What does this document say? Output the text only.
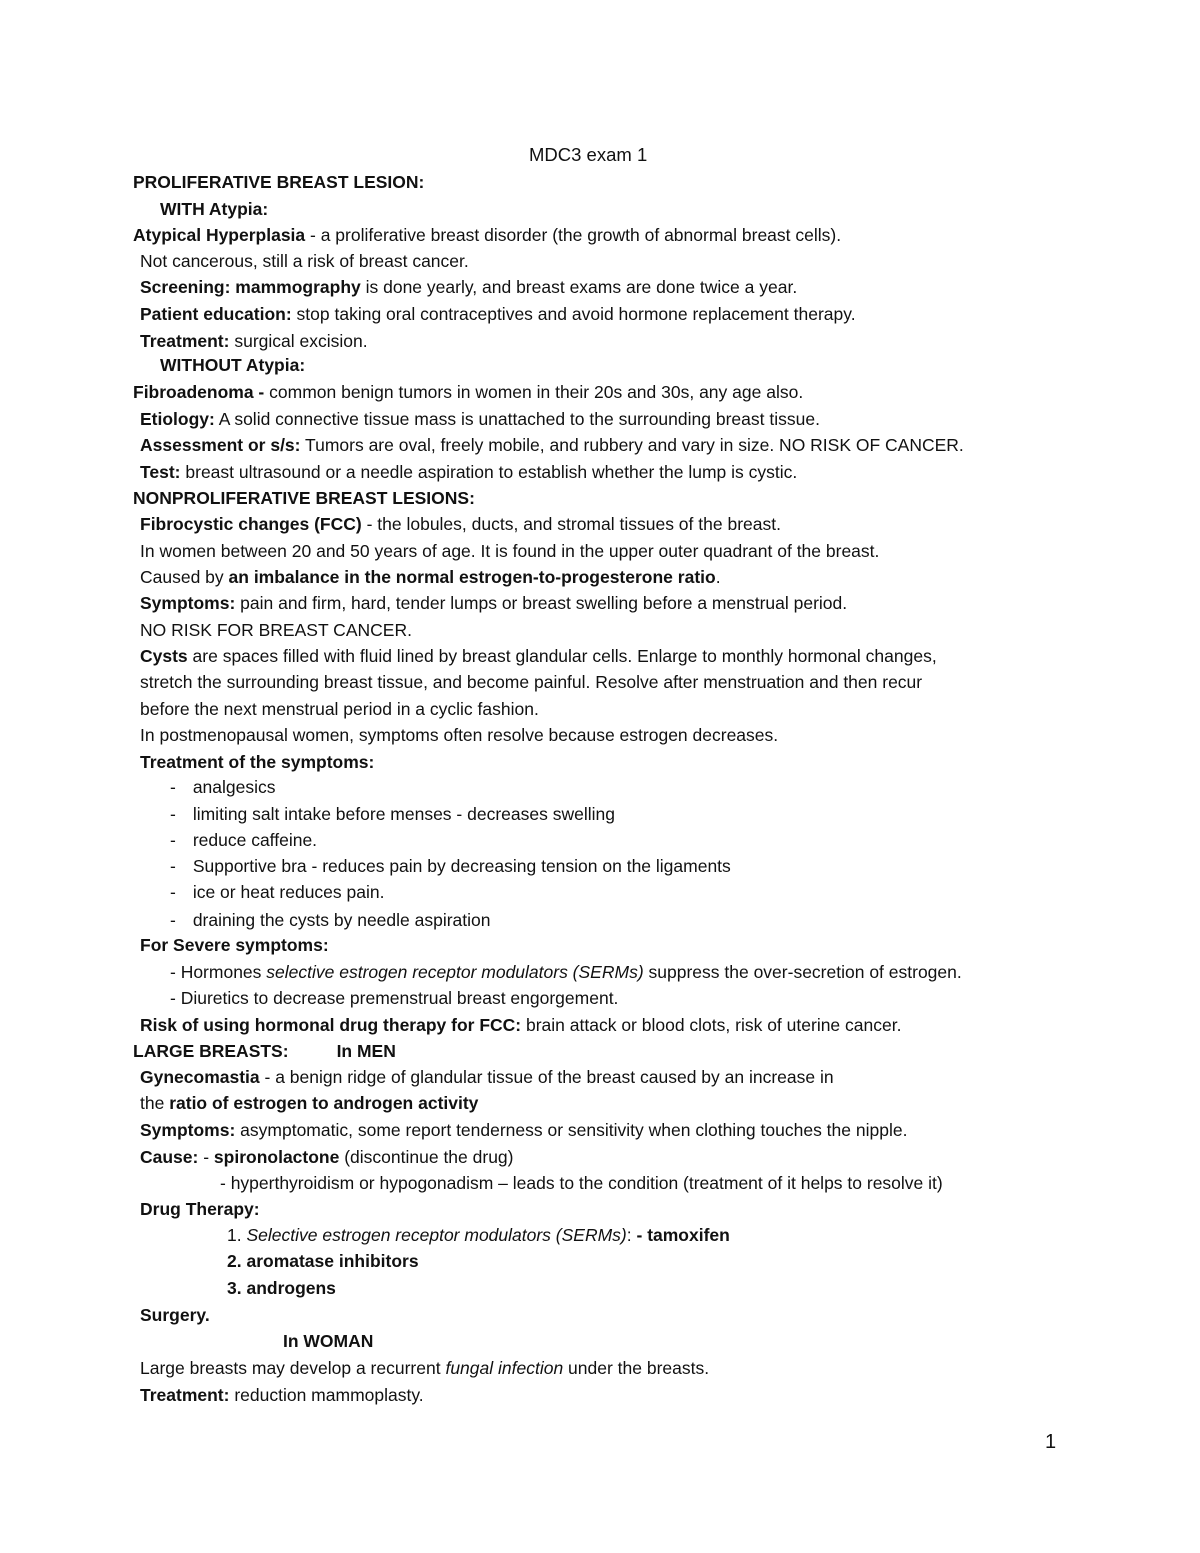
MDC3 exam 1
PROLIFERATIVE BREAST LESION:
WITH Atypia:
Atypical Hyperplasia - a proliferative breast disorder (the growth of abnormal breast cells).
Not cancerous, still a risk of breast cancer.
Screening: mammography is done yearly, and breast exams are done twice a year.
Patient education: stop taking oral contraceptives and avoid hormone replacement therapy.
Treatment: surgical excision.
WITHOUT Atypia:
Fibroadenoma - common benign tumors in women in their 20s and 30s, any age also.
Etiology: A solid connective tissue mass is unattached to the surrounding breast tissue.
Assessment or s/s: Tumors are oval, freely mobile, and rubbery and vary in size. NO RISK OF CANCER.
Test: breast ultrasound or a needle aspiration to establish whether the lump is cystic.
NONPROLIFERATIVE BREAST LESIONS:
Fibrocystic changes (FCC) - the lobules, ducts, and stromal tissues of the breast.
In women between 20 and 50 years of age. It is found in the upper outer quadrant of the breast.
Caused by an imbalance in the normal estrogen-to-progesterone ratio.
Symptoms: pain and firm, hard, tender lumps or breast swelling before a menstrual period.
NO RISK FOR BREAST CANCER.
Cysts are spaces filled with fluid lined by breast glandular cells. Enlarge to monthly hormonal changes,
stretch the surrounding breast tissue, and become painful. Resolve after menstruation and then recur
before the next menstrual period in a cyclic fashion.
In postmenopausal women, symptoms often resolve because estrogen decreases.
Treatment of the symptoms:
- analgesics
- limiting salt intake before menses - decreases swelling
- reduce caffeine.
- Supportive bra - reduces pain by decreasing tension on the ligaments
- ice or heat reduces pain.
- draining the cysts by needle aspiration
For Severe symptoms:
- Hormones selective estrogen receptor modulators (SERMs) suppress the over-secretion of estrogen.
- Diuretics to decrease premenstrual breast engorgement.
Risk of using hormonal drug therapy for FCC: brain attack or blood clots, risk of uterine cancer.
LARGE BREASTS:	In MEN
Gynecomastia - a benign ridge of glandular tissue of the breast caused by an increase in
the ratio of estrogen to androgen activity
Symptoms: asymptomatic, some report tenderness or sensitivity when clothing touches the nipple.
Cause: - spironolactone (discontinue the drug)
- hyperthyroidism or hypogonadism – leads to the condition (treatment of it helps to resolve it)
Drug Therapy:
1. Selective estrogen receptor modulators (SERMs): - tamoxifen
2. aromatase inhibitors
3. androgens
Surgery.
In WOMAN
Large breasts may develop a recurrent fungal infection under the breasts.
Treatment: reduction mammoplasty.
1
